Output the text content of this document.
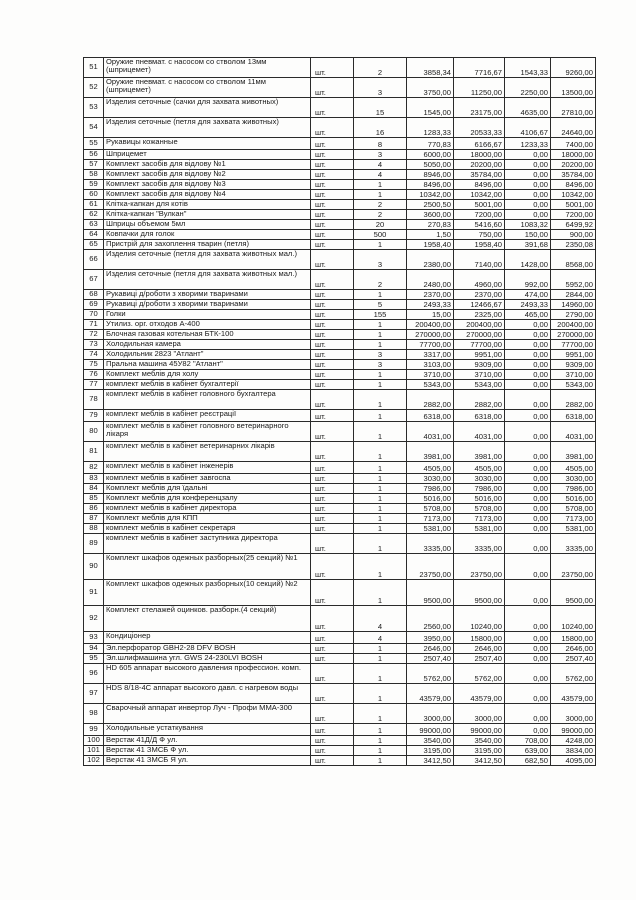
51	Оружие пневмат. с насосом со стволом 13мм (шприцемет)	шт.	2	3858,34	7716,67	1543,33	9260,00
52	Оружие пневмат. с насосом со стволом 11мм (шприцемет)	шт.	3	3750,00	11250,00	2250,00	13500,00
53	Изделия сеточные (сачки для захвата животных)	шт.	15	1545,00	23175,00	4635,00	27810,00
54	Изделия сеточные (петля для захвата животных)	шт.	16	1283,33	20533,33	4106,67	24640,00
55	Рукавицы кожанные	шт.	8	770,83	6166,67	1233,33	7400,00
56	Шприцемет	шт.	3	6000,00	18000,00	0,00	18000,00
57	Комплект засобів для відлову №1	шт.	4	5050,00	20200,00	0,00	20200,00
58	Комплект засобів для відлову №2	шт.	4	8946,00	35784,00	0,00	35784,00
59	Комплект засобів для відлову №3	шт.	1	8496,00	8496,00	0,00	8496,00
60	Комплект засобів для відлову №4	шт.	1	10342,00	10342,00	0,00	10342,00
61	Клітка-капкан для котів	шт.	2	2500,50	5001,00	0,00	5001,00
62	Клітка-капкан "Вулкан"	шт.	2	3600,00	7200,00	0,00	7200,00
63	Шприцы объемом 5мл	шт.	20	270,83	5416,60	1083,32	6499,92
64	Ковпачки для голок	шт.	500	1,50	750,00	150,00	900,00
65	Пристрій для захоплення тварин (петля)	шт.	1	1958,40	1958,40	391,68	2350,08
66	Изделия сеточные (петля для захвата животных мал.)	шт.	3	2380,00	7140,00	1428,00	8568,00
67	Изделия сеточные (петля для захвата животных мал.)	шт.	2	2480,00	4960,00	992,00	5952,00
68	Рукавиці д/роботи з хворими тваринами	шт.	1	2370,00	2370,00	474,00	2844,00
69	Рукавиці д/роботи з хворими тваринами	шт.	5	2493,33	12466,67	2493,33	14960,00
70	Голки	шт.	155	15,00	2325,00	465,00	2790,00
71	Утилиз. орг. отходов А-400	шт.	1	200400,00	200400,00	0,00	200400,00
72	Блочная газовая котельная БТК-100	шт.	1	270000,00	270000,00	0,00	270000,00
73	Холодильная камера	шт.	1	77700,00	77700,00	0,00	77700,00
74	Холодильник 2823 "Атлант"	шт.	3	3317,00	9951,00	0,00	9951,00
75	Пральна машина 45У82 "Атлант"	шт.	3	3103,00	9309,00	0,00	9309,00
76	Комплект меблів для холу	шт.	1	3710,00	3710,00	0,00	3710,00
77	комплект меблів в кабінет бухгалтерії	шт.	1	5343,00	5343,00	0,00	5343,00
78	комплект меблів в кабінет головного бухгалтера	шт.	1	2882,00	2882,00	0,00	2882,00
79	комплект меблів в кабінет реєстрації	шт.	1	6318,00	6318,00	0,00	6318,00
80	комплект меблів в кабінет головного ветеринарного лікаря	шт.	1	4031,00	4031,00	0,00	4031,00
81	комплект меблів в кабінет ветеринарних лікарів	шт.	1	3981,00	3981,00	0,00	3981,00
82	комплект меблів в кабінет інженерів	шт.	1	4505,00	4505,00	0,00	4505,00
83	комплект меблів в кабінет завгоспа	шт.	1	3030,00	3030,00	0,00	3030,00
84	Комплект меблів для їдальні	шт.	1	7986,00	7986,00	0,00	7986,00
85	Комплект меблів для конференцзалу	шт.	1	5016,00	5016,00	0,00	5016,00
86	комплект меблів в кабінет директора	шт.	1	5708,00	5708,00	0,00	5708,00
87	Комплект меблів для КПП	шт.	1	7173,00	7173,00	0,00	7173,00
88	комплект меблів в кабінет секретаря	шт.	1	5381,00	5381,00	0,00	5381,00
89	комплект меблів в кабінет заступника директора	шт.	1	3335,00	3335,00	0,00	3335,00
90	Комплект шкафов одежных разборных(25 секций) №1	шт.	1	23750,00	23750,00	0,00	23750,00
91	Комплект шкафов одежных разборных(10 секций) №2	шт.	1	9500,00	9500,00	0,00	9500,00
92	Комплект стелажей оцинков. разборн.(4 секций)	шт.	4	2560,00	10240,00	0,00	10240,00
93	Кондиціонер	шт.	4	3950,00	15800,00	0,00	15800,00
94	Эл.перфоратор GBH2-28 DFV BOSH	шт.	1	2646,00	2646,00	0,00	2646,00
95	Эл.шлифмашина угл. GWS 24-230LVI BOSH	шт.	1	2507,40	2507,40	0,00	2507,40
96	HD 605 аппарат высокого давления профессион. комп.	шт.	1	5762,00	5762,00	0,00	5762,00
97	HDS 8/18-4C аппарат высокого давл. с нагревом воды	шт.	1	43579,00	43579,00	0,00	43579,00
98	Сварочный аппарат инвертор Луч - Профи ММА-300	шт.	1	3000,00	3000,00	0,00	3000,00
99	Холодильные устаткування	шт.	1	99000,00	99000,00	0,00	99000,00
100	Верстак 41Д/Д Ф ул.	шт.	1	3540,00	3540,00	708,00	4248,00
101	Верстак 41 ЗМСБ Ф ул.	шт.	1	3195,00	3195,00	639,00	3834,00
102	Верстак 41 ЗМСБ Я ул.	шт.	1	3412,50	3412,50	682,50	4095,00
